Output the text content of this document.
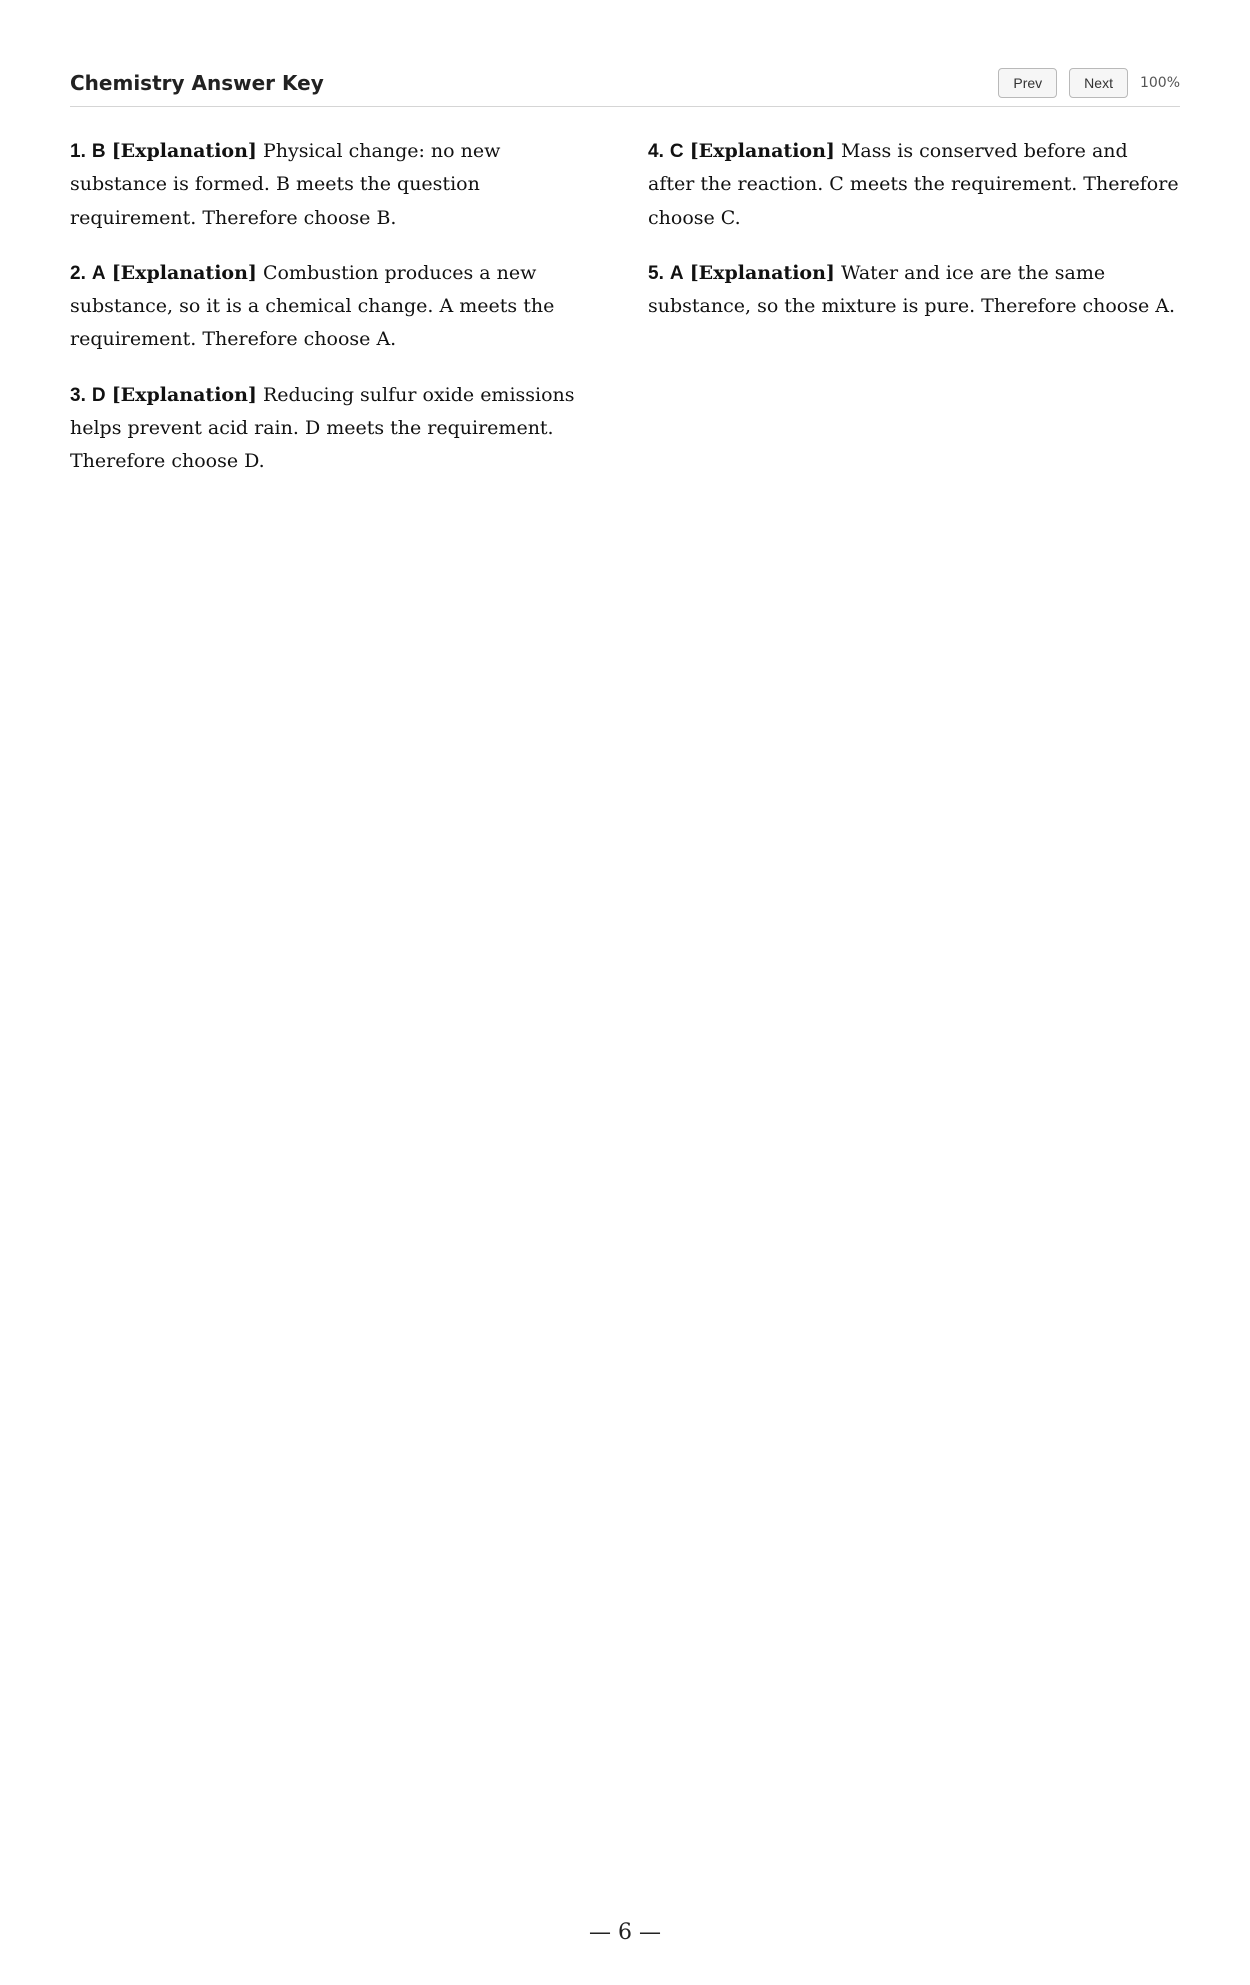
Chemistry Answer Key	Prev	Next	100%

1. B [Explanation] Physical change: no new substance is formed. B meets the question requirement. Therefore choose B.

2. A [Explanation] Combustion produces a new substance, so it is a chemical change. A meets the requirement. Therefore choose A.

3. D [Explanation] Reducing sulfur oxide emissions helps prevent acid rain. D meets the requirement. Therefore choose D.

4. C [Explanation] Mass is conserved before and after the reaction. C meets the requirement. Therefore choose C.

5. A [Explanation] Water and ice are the same substance, so the mixture is pure. Therefore choose A.

— 6 —
